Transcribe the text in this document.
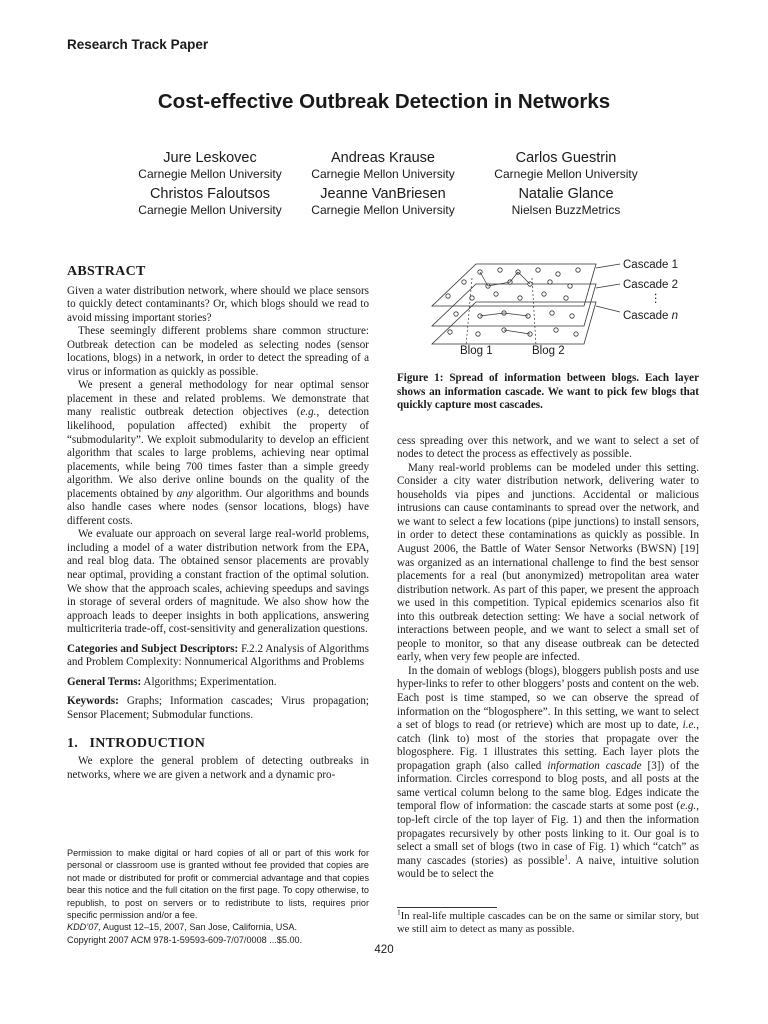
Research Track Paper
Cost-effective Outbreak Detection in Networks
Jure Leskovec
Carnegie Mellon University
Andreas Krause
Carnegie Mellon University
Carlos Guestrin
Carnegie Mellon University
Christos Faloutsos
Carnegie Mellon University
Jeanne VanBriesen
Carnegie Mellon University
Natalie Glance
Nielsen BuzzMetrics
ABSTRACT

Given a water distribution network, where should we place sensors to quickly detect contaminants? Or, which blogs should we read to avoid missing important stories?

These seemingly different problems share common structure: Outbreak detection can be modeled as selecting nodes (sensor locations, blogs) in a network, in order to detect the spreading of a virus or information as quickly as possible.

We present a general methodology for near optimal sensor placement in these and related problems. We demonstrate that many realistic outbreak detection objectives (e.g., detection likelihood, population affected) exhibit the property of “submodularity”. We exploit submodularity to develop an efficient algorithm that scales to large problems, achieving near optimal placements, while being 700 times faster than a simple greedy algorithm. We also derive online bounds on the quality of the placements obtained by any algorithm. Our algorithms and bounds also handle cases where nodes (sensor locations, blogs) have different costs.

We evaluate our approach on several large real-world problems, including a model of a water distribution network from the EPA, and real blog data. The obtained sensor placements are provably near optimal, providing a constant fraction of the optimal solution. We show that the approach scales, achieving speedups and savings in storage of several orders of magnitude. We also show how the approach leads to deeper insights in both applications, answering multicriteria trade-off, cost-sensitivity and generalization questions.

Categories and Subject Descriptors: F.2.2 Analysis of Algorithms and Problem Complexity: Nonnumerical Algorithms and Problems

General Terms: Algorithms; Experimentation.

Keywords: Graphs; Information cascades; Virus propagation; Sensor Placement; Submodular functions.

1.   INTRODUCTION

We explore the general problem of detecting outbreaks in networks, where we are given a network and a dynamic pro-

Permission to make digital or hard copies of all or part of this work for personal or classroom use is granted without fee provided that copies are not made or distributed for profit or commercial advantage and that copies bear this notice and the full citation on the first page. To copy otherwise, to republish, to post on servers or to redistribute to lists, requires prior specific permission and/or a fee.
KDD’07, August 12–15, 2007, San Jose, California, USA.
Copyright 2007 ACM 978-1-59593-609-7/07/0008 ...$5.00.
Cascade 1
Cascade 2
⋮
Cascade n
Blog 1	Blog 2

Figure 1: Spread of information between blogs. Each layer shows an information cascade. We want to pick few blogs that quickly capture most cascades.

cess spreading over this network, and we want to select a set of nodes to detect the process as effectively as possible.

Many real-world problems can be modeled under this setting. Consider a city water distribution network, delivering water to households via pipes and junctions. Accidental or malicious intrusions can cause contaminants to spread over the network, and we want to select a few locations (pipe junctions) to install sensors, in order to detect these contaminations as quickly as possible. In August 2006, the Battle of Water Sensor Networks (BWSN) [19] was organized as an international challenge to find the best sensor placements for a real (but anonymized) metropolitan area water distribution network. As part of this paper, we present the approach we used in this competition. Typical epidemics scenarios also fit into this outbreak detection setting: We have a social network of interactions between people, and we want to select a small set of people to monitor, so that any disease outbreak can be detected early, when very few people are infected.

In the domain of weblogs (blogs), bloggers publish posts and use hyper-links to refer to other bloggers’ posts and content on the web. Each post is time stamped, so we can observe the spread of information on the “blogosphere”. In this setting, we want to select a set of blogs to read (or retrieve) which are most up to date, i.e., catch (link to) most of the stories that propagate over the blogosphere. Fig. 1 illustrates this setting. Each layer plots the propagation graph (also called information cascade [3]) of the information. Circles correspond to blog posts, and all posts at the same vertical column belong to the same blog. Edges indicate the temporal flow of information: the cascade starts at some post (e.g., top-left circle of the top layer of Fig. 1) and then the information propagates recursively by other posts linking to it. Our goal is to select a small set of blogs (two in case of Fig. 1) which “catch” as many cascades (stories) as possible$^1$. A naive, intuitive solution would be to select the

$^1$In real-life multiple cascades can be on the same or similar story, but we still aim to detect as many as possible.
420
